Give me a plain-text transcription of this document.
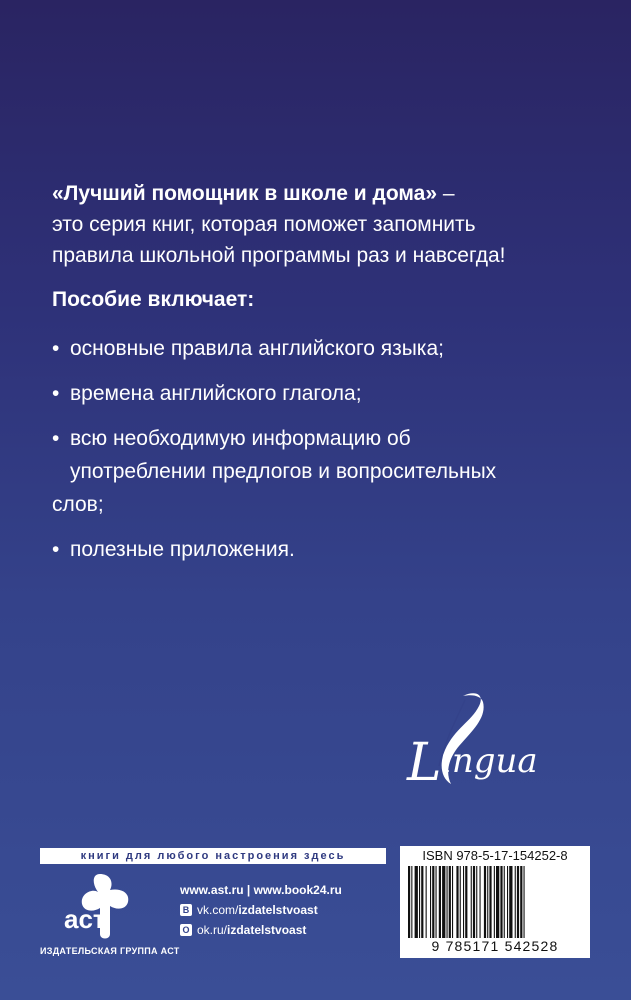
«Лучший помощник в школе и дома» –
это серия книг, которая поможет запомнить
правила школьной программы раз и навсегда!
Пособие включает:
• основные правила английского языка;
• времена английского глагола;
• всю необходимую информацию об
употреблении предлогов и вопросительных
слов;
• полезные приложения.
L ingua
книги для любого настроения здесь
аст
ИЗДАТЕЛЬСКАЯ ГРУППА АСТ
www.ast.ru | www.book24.ru
В vk.com/izdatelstvoast
О ok.ru/izdatelstvoast
ISBN 978-5-17-154252-8
9 785171 542528
